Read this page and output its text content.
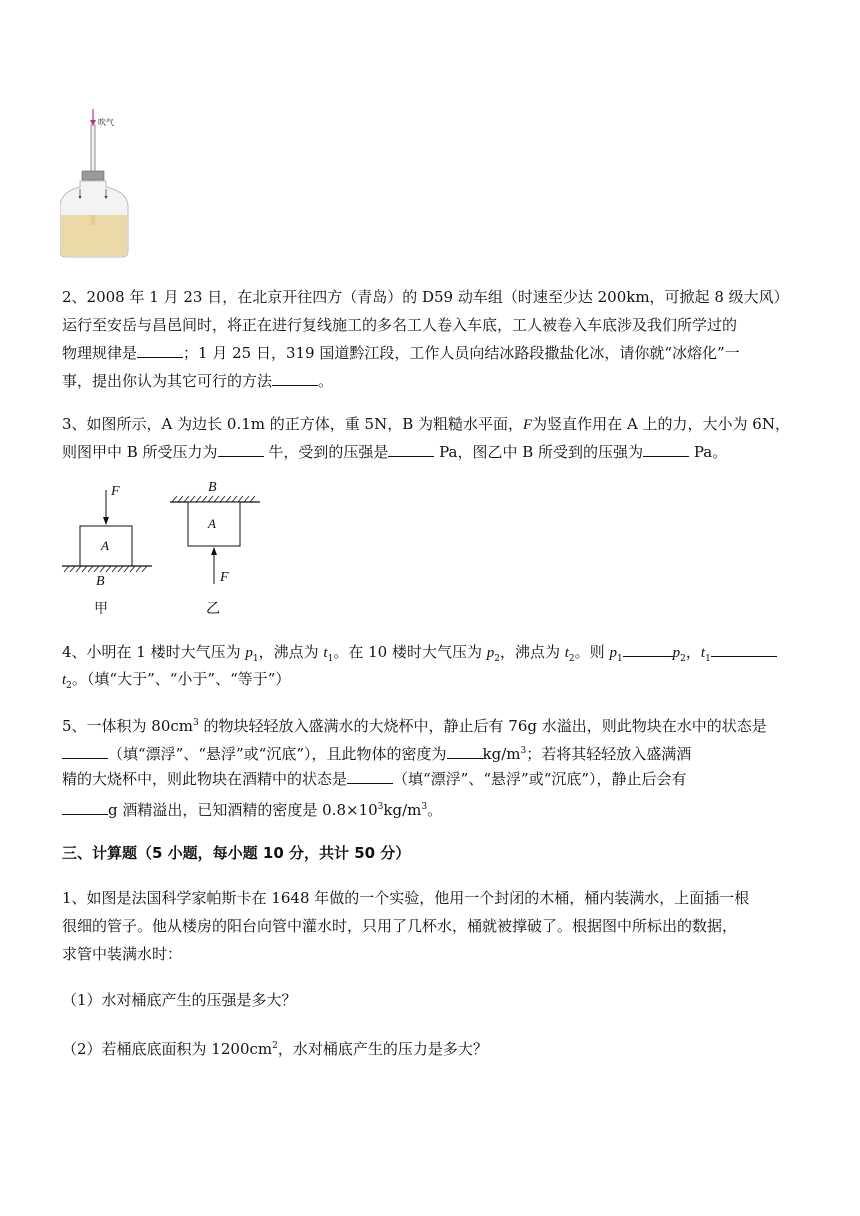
吹气
2、2008 年 1 月 23 日，在北京开往四方（青岛）的 D59 动车组（时速至少达 200km，可掀起 8 级大风）
运行至安岳与昌邑间时，将正在进行复线施工的多名工人卷入车底，工人被卷入车底涉及我们所学过的
物理规律是	；1 月 25 日，319 国道黔江段，工作人员向结冰路段撒盐化冰，请你就“冰熔化”一
事，提出你认为其它可行的方法	。
3、如图所示，A 为边长 0.1m 的正方体，重 5N，B 为粗糙水平面，F为竖直作用在 A 上的力，大小为 6N，
则图甲中 B 所受压力为	牛，受到的压强是	Pa，图乙中 B 所受到的压强为	Pa。
F
A
B
甲
B
A
F
乙
4、小明在 1 楼时大气压为 $p_1$，沸点为 $t_1$。在 10 楼时大气压为 $p_2$，沸点为 $t_2$。则 $p_1$	$p_2$，$t_1$
$t_2$。（填“大于”、“小于”、“等于”）
5、一体积为 $80cm^3$ 的物块轻轻放入盛满水的大烧杯中，静止后有 76g 水溢出，则此物块在水中的状态是
（填“漂浮”、“悬浮”或“沉底”），且此物体的密度为 $kg/m^3$；若将其轻轻放入盛满酒
精的大烧杯中，则此物块在酒精中的状态是	（填“漂浮”、“悬浮”或“沉底”），静止后会有
g 酒精溢出，已知酒精的密度是 $0.8\times 10^3kg/m^3$。
三、计算题（5 小题，每小题 10 分，共计 50 分）
1、如图是法国科学家帕斯卡在 1648 年做的一个实验，他用一个封闭的木桶，桶内装满水，上面插一根
很细的管子。他从楼房的阳台向管中灌水时，只用了几杯水，桶就被撑破了。根据图中所标出的数据，
求管中装满水时：
（1）水对桶底产生的压强是多大？
（2）若桶底底面积为 $1200cm^2$，水对桶底产生的压力是多大？
